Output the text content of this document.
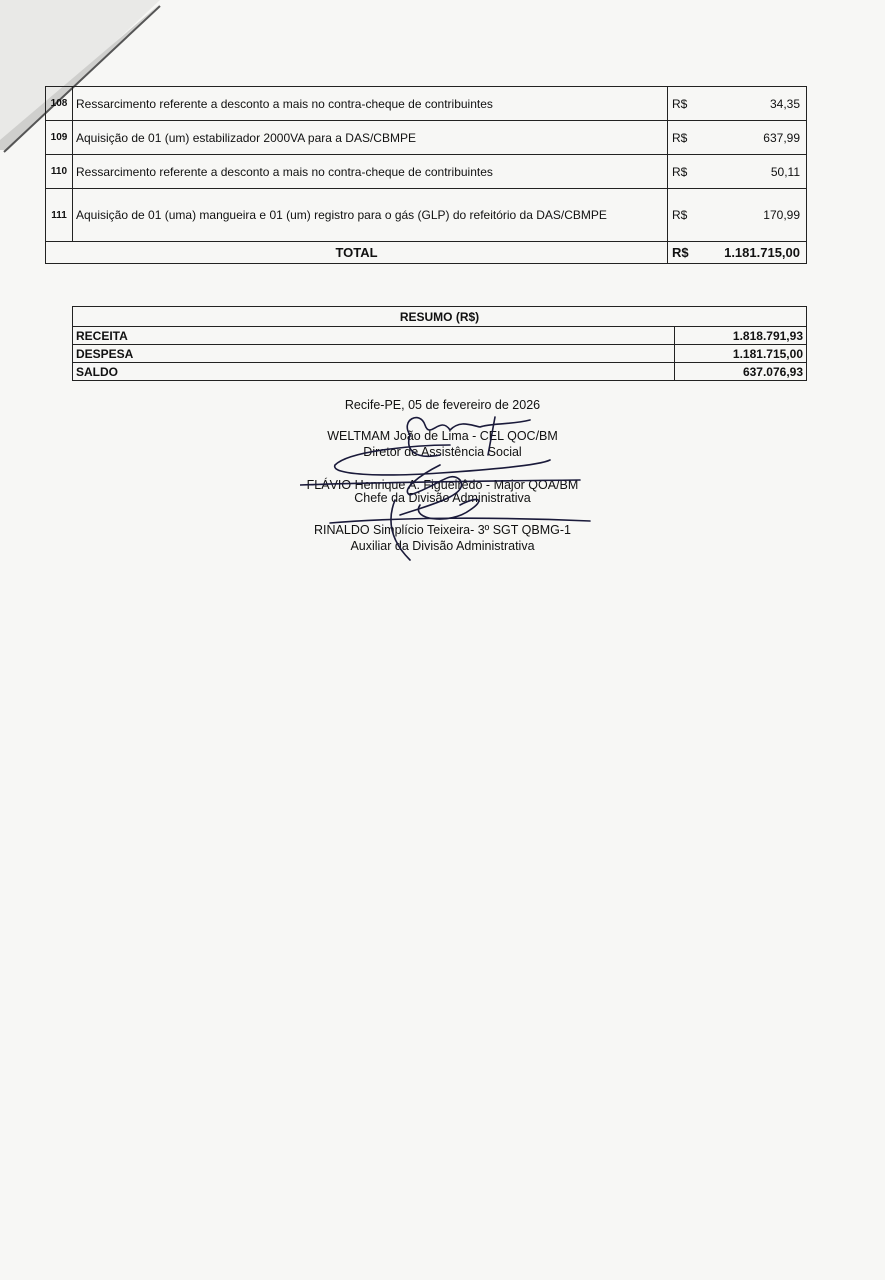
108	Ressarcimento referente a desconto a mais no contra-cheque de contribuintes	R$	34,35
109	Aquisição de 01 (um) estabilizador 2000VA para a DAS/CBMPE	R$	637,99
110	Ressarcimento referente a desconto a mais no contra-cheque de contribuintes	R$	50,11
111	Aquisição de 01 (uma) mangueira e 01 (um) registro para o gás (GLP) do refeitório da DAS/CBMPE	R$	170,99
TOTAL		R$	1.181.715,00
RESUMO (R$)	
RECEITA	1.818.791,93
DESPESA	1.181.715,00
SALDO	637.076,93
Recife-PE, 05 de fevereiro de 2026
WELTMAM João de Lima - CEL QOC/BM
Diretor de Assistência Social
FLÁVIO Henrique A. Figueirêdo - Major QOA/BM
Chefe da Divisão Administrativa
RINALDO Simplício Teixeira- 3º SGT QBMG-1
Auxiliar da Divisão Administrativa
